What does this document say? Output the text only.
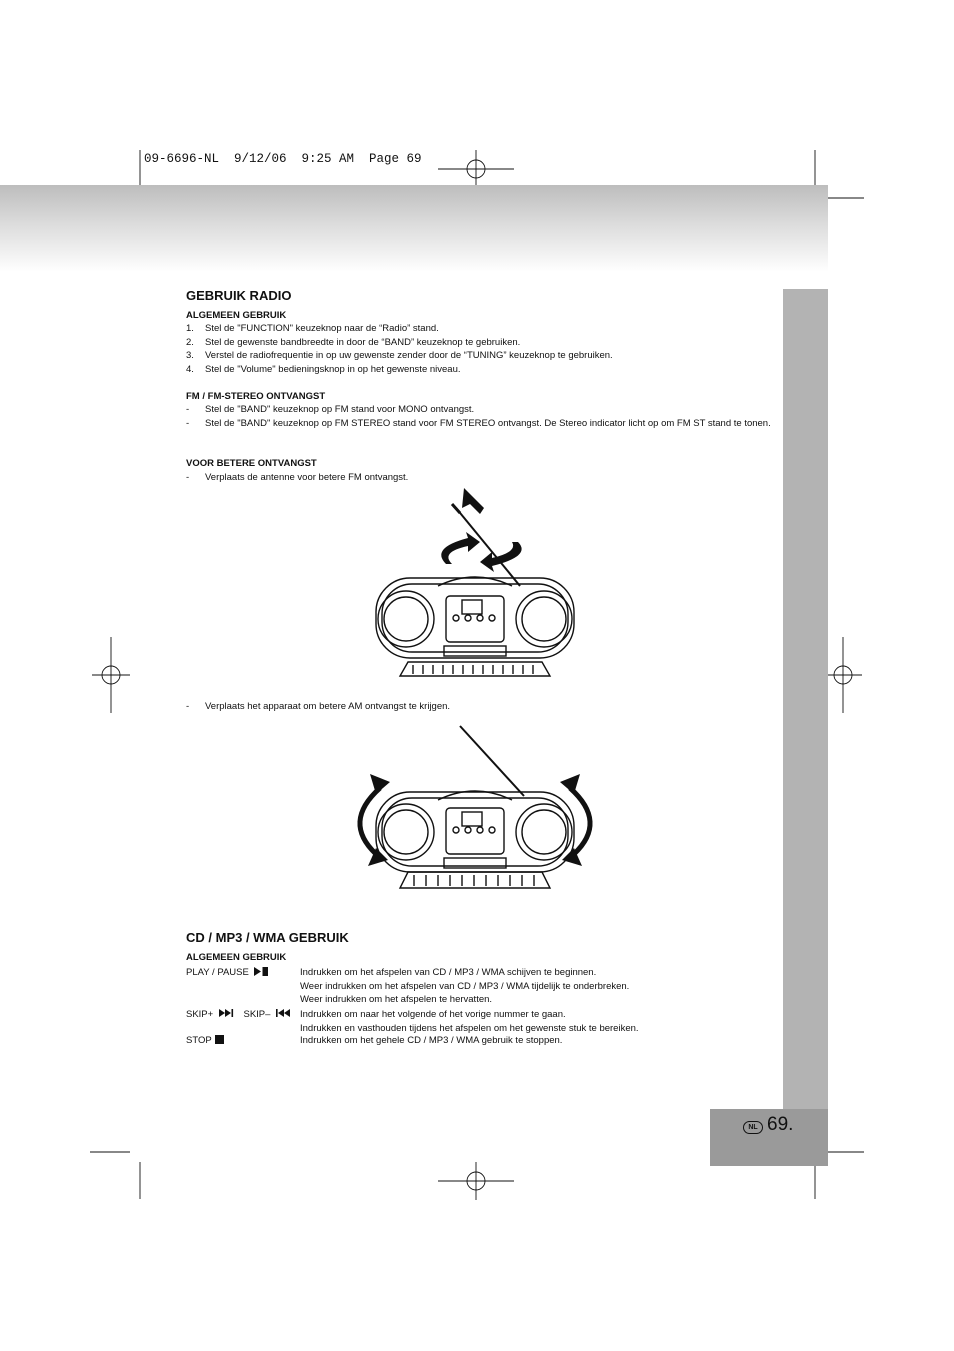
09-6696-NL  9/12/06  9:25 AM  Page 69
NL 69.
GEBRUIK RADIO
ALGEMEEN GEBRUIK
1.	Stel de "FUNCTION" keuzeknop naar de “Radio” stand.
2.	Stel de gewenste bandbreedte in door de “BAND” keuzeknop te gebruiken.
3.	Verstel de radiofrequentie in op uw gewenste zender door de “TUNING” keuzeknop te gebruiken.
4.	Stel de "Volume" bedieningsknop in op het gewenste niveau.
FM / FM-STEREO ONTVANGST
-	Stel de "BAND" keuzeknop op FM stand voor MONO ontvangst.
-	Stel de "BAND" keuzeknop op FM STEREO stand voor FM STEREO ontvangst. De Stereo indicator licht op om FM ST stand te tonen.
VOOR BETERE ONTVANGST
-	Verplaats de antenne voor betere FM ontvangst.
-	Verplaats het apparaat om betere AM ontvangst te krijgen.
CD / MP3 / WMA GEBRUIK
ALGEMEEN GEBRUIK
PLAY / PAUSE	Indrukken om het afspelen van CD / MP3 / WMA schijven te beginnen.
Weer indrukken om het afspelen van CD / MP3 / WMA tijdelijk te onderbreken.
Weer indrukken om het afspelen te hervatten.
SKIP+	SKIP–	Indrukken om naar het volgende of het vorige nummer te gaan.
Indrukken en vasthouden tijdens het afspelen om het gewenste stuk te bereiken.
STOP	Indrukken om het gehele CD / MP3 / WMA gebruik te stoppen.
